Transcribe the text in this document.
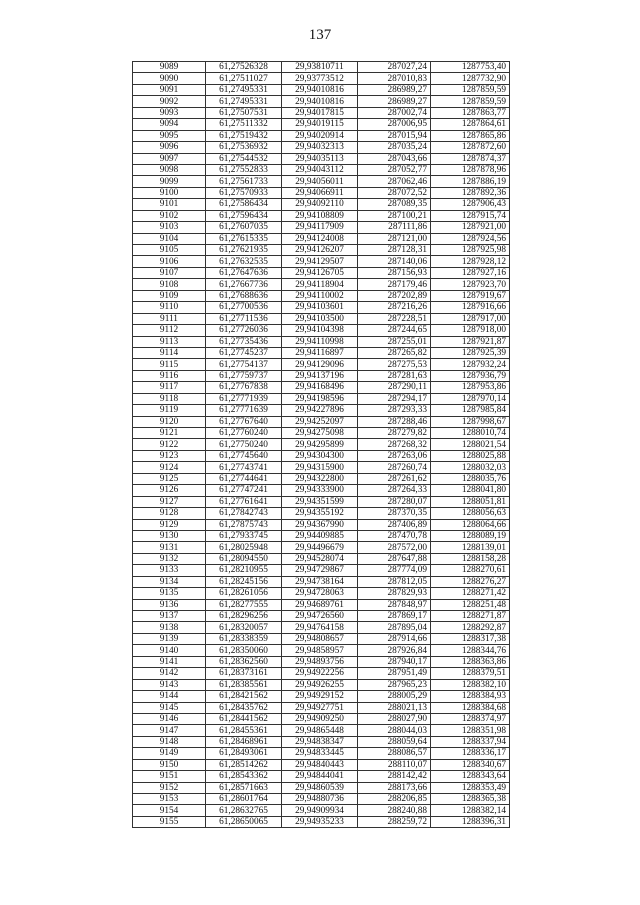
137
9089	61,27526328	29,93810711	287027,24	1287753,40
9090	61,27511027	29,93773512	287010,83	1287732,90
9091	61,27495331	29,94010816	286989,27	1287859,59
9092	61,27495331	29,94010816	286989,27	1287859,59
9093	61,27507531	29,94017815	287002,74	1287863,77
9094	61,27511332	29,94019115	287006,95	1287864,61
9095	61,27519432	29,94020914	287015,94	1287865,86
9096	61,27536932	29,94032313	287035,24	1287872,60
9097	61,27544532	29,94035113	287043,66	1287874,37
9098	61,27552833	29,94043112	287052,77	1287878,96
9099	61,27561733	29,94056011	287062,46	1287886,19
9100	61,27570933	29,94066911	287072,52	1287892,36
9101	61,27586434	29,94092110	287089,35	1287906,43
9102	61,27596434	29,94108809	287100,21	1287915,74
9103	61,27607035	29,94117909	287111,86	1287921,00
9104	61,27615335	29,94124008	287121,00	1287924,56
9105	61,27621935	29,94126207	287128,31	1287925,98
9106	61,27632535	29,94129507	287140,06	1287928,12
9107	61,27647636	29,94126705	287156,93	1287927,16
9108	61,27667736	29,94118904	287179,46	1287923,70
9109	61,27688636	29,94110002	287202,89	1287919,67
9110	61,27700536	29,94103601	287216,26	1287916,66
9111	61,27711536	29,94103500	287228,51	1287917,00
9112	61,27726036	29,94104398	287244,65	1287918,00
9113	61,27735436	29,94110998	287255,01	1287921,87
9114	61,27745237	29,94116897	287265,82	1287925,39
9115	61,27754137	29,94129096	287275,53	1287932,24
9116	61,27759737	29,94137196	287281,63	1287936,79
9117	61,27767838	29,94168496	287290,11	1287953,86
9118	61,27771939	29,94198596	287294,17	1287970,14
9119	61,27771639	29,94227896	287293,33	1287985,84
9120	61,27767640	29,94252097	287288,46	1287998,67
9121	61,27760240	29,94275098	287279,82	1288010,74
9122	61,27750240	29,94295899	287268,32	1288021,54
9123	61,27745640	29,94304300	287263,06	1288025,88
9124	61,27743741	29,94315900	287260,74	1288032,03
9125	61,27744641	29,94322800	287261,62	1288035,76
9126	61,27747241	29,94333900	287264,33	1288041,80
9127	61,27761641	29,94351599	287280,07	1288051,81
9128	61,27842743	29,94355192	287370,35	1288056,63
9129	61,27875743	29,94367990	287406,89	1288064,66
9130	61,27933745	29,94409885	287470,78	1288089,19
9131	61,28025948	29,94496679	287572,00	1288139,01
9132	61,28094550	29,94528074	287647,88	1288158,28
9133	61,28210955	29,94729867	287774,09	1288270,61
9134	61,28245156	29,94738164	287812,05	1288276,27
9135	61,28261056	29,94728063	287829,93	1288271,42
9136	61,28277555	29,94689761	287848,97	1288251,48
9137	61,28296256	29,94726560	287869,17	1288271,87
9138	61,28320057	29,94764158	287895,04	1288292,87
9139	61,28338359	29,94808657	287914,66	1288317,38
9140	61,28350060	29,94858957	287926,84	1288344,76
9141	61,28362560	29,94893756	287940,17	1288363,86
9142	61,28373161	29,94922256	287951,49	1288379,51
9143	61,28385561	29,94926255	287965,23	1288382,10
9144	61,28421562	29,94929152	288005,29	1288384,93
9145	61,28435762	29,94927751	288021,13	1288384,68
9146	61,28441562	29,94909250	288027,90	1288374,97
9147	61,28455361	29,94865448	288044,03	1288351,98
9148	61,28468961	29,94838347	288059,64	1288337,94
9149	61,28493061	29,94833445	288086,57	1288336,17
9150	61,28514262	29,94840443	288110,07	1288340,67
9151	61,28543362	29,94844041	288142,42	1288343,64
9152	61,28571663	29,94860539	288173,66	1288353,49
9153	61,28601764	29,94880736	288206,85	1288365,38
9154	61,28632765	29,94909934	288240,88	1288382,14
9155	61,28650065	29,94935233	288259,72	1288396,31
